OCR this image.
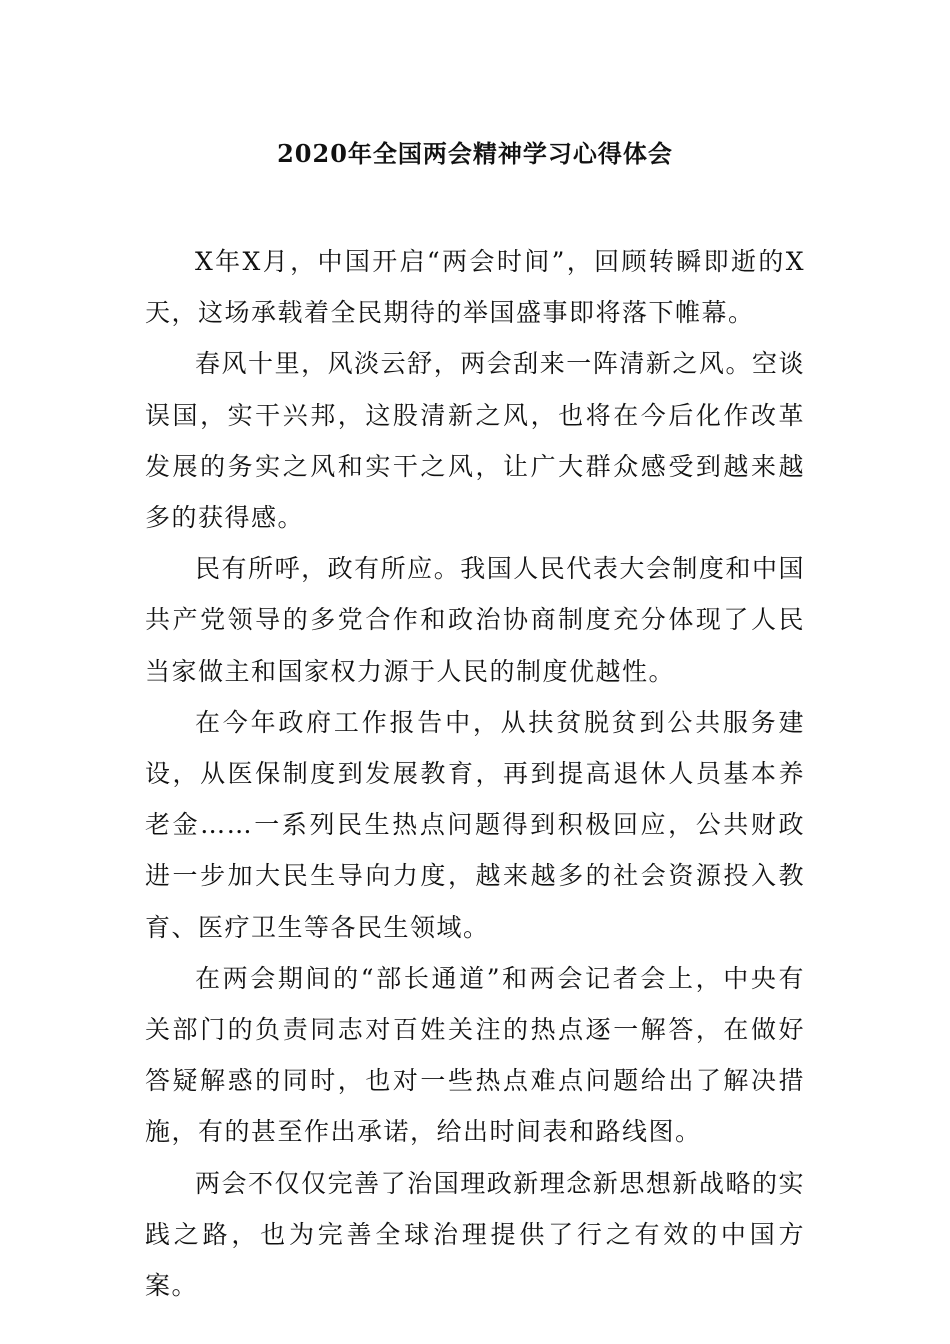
2020年全国两会精神学习心得体会

X年X月，中国开启“两会时间”，回顾转瞬即逝的X天，这场承载着全民期待的举国盛事即将落下帷幕。

春风十里，风淡云舒，两会刮来一阵清新之风。空谈误国，实干兴邦，这股清新之风，也将在今后化作改革发展的务实之风和实干之风，让广大群众感受到越来越多的获得感。

民有所呼，政有所应。我国人民代表大会制度和中国共产党领导的多党合作和政治协商制度充分体现了人民当家做主和国家权力源于人民的制度优越性。

在今年政府工作报告中，从扶贫脱贫到公共服务建设，从医保制度到发展教育，再到提高退休人员基本养老金……一系列民生热点问题得到积极回应，公共财政进一步加大民生导向力度，越来越多的社会资源投入教育、医疗卫生等各民生领域。

在两会期间的“部长通道”和两会记者会上，中央有关部门的负责同志对百姓关注的热点逐一解答，在做好答疑解惑的同时，也对一些热点难点问题给出了解决措施，有的甚至作出承诺，给出时间表和路线图。

两会不仅仅完善了治国理政新理念新思想新战略的实践之路，也为完善全球治理提供了行之有效的中国方案。
